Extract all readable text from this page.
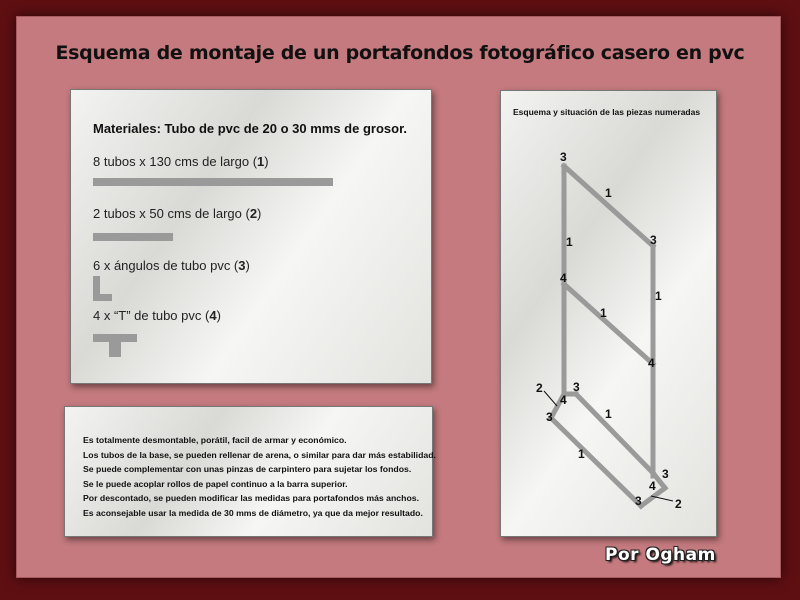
Esquema de montaje de un portafondos fotográfico casero en pvc
Materiales: Tubo de pvc de 20 o 30 mms de grosor.
8 tubos x 130 cms de largo (1)
2 tubos x 50 cms de largo (2)
6 x ángulos de tubo pvc (3)
4 x “T” de tubo pvc (4)
Es totalmente desmontable, porátil, facil de armar y económico.
Los tubos de la base, se pueden rellenar de arena, o similar para dar más estabilidad.
Se puede complementar con unas pinzas de carpintero para sujetar los fondos.
Se le puede acoplar rollos de papel continuo a la barra superior.
Por descontado, se pueden modificar las medidas para portafondos más anchos.
Es aconsejable usar la medida de 30 mms de diámetro, ya que da mejor resultado.
Esquema y situación de las piezas numeradas
3
1
1	3
4
1
1
4
2	3
4
3	1
1
3
4
3	2
Por Ogham
